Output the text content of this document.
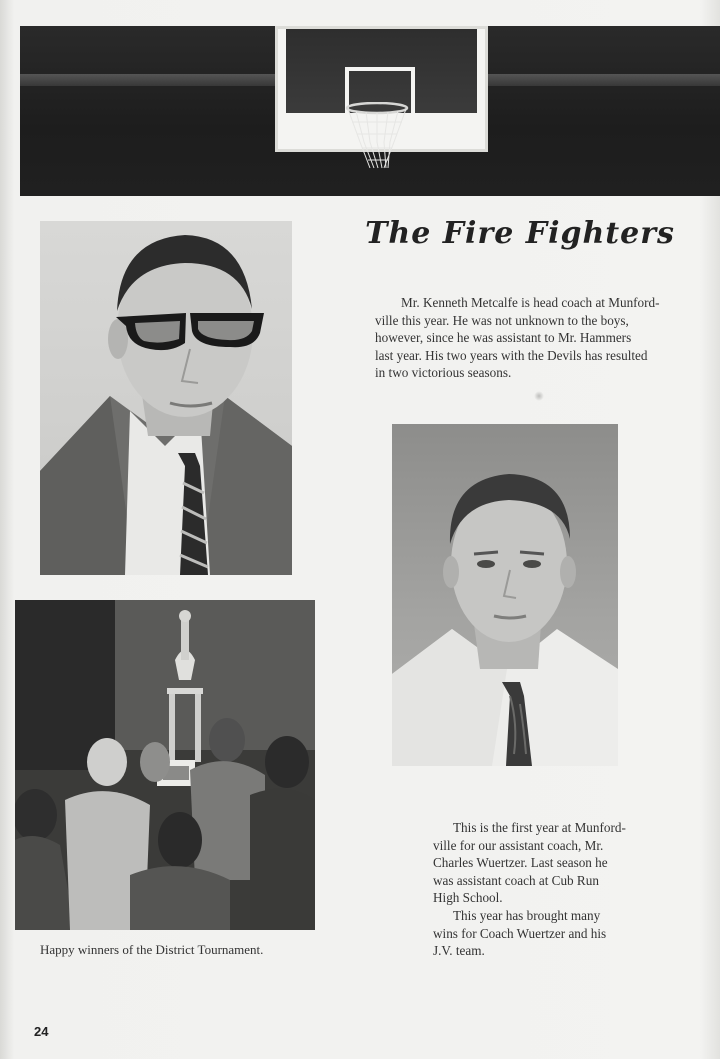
The Fire Fighters

Mr. Kenneth Metcalfe is head coach at Munford-

ville this year. He was not unknown to the boys,

however, since he was assistant to Mr. Hammers

last year. His two years with the Devils has resulted

in two victorious seasons.

Happy winners of the District Tournament.

This is the first year at Munford-

ville for our assistant coach, Mr.

Charles Wuertzer. Last season he

was assistant coach at Cub Run

High School.

This year has brought many

wins for Coach Wuertzer and his

J.V. team.

24
